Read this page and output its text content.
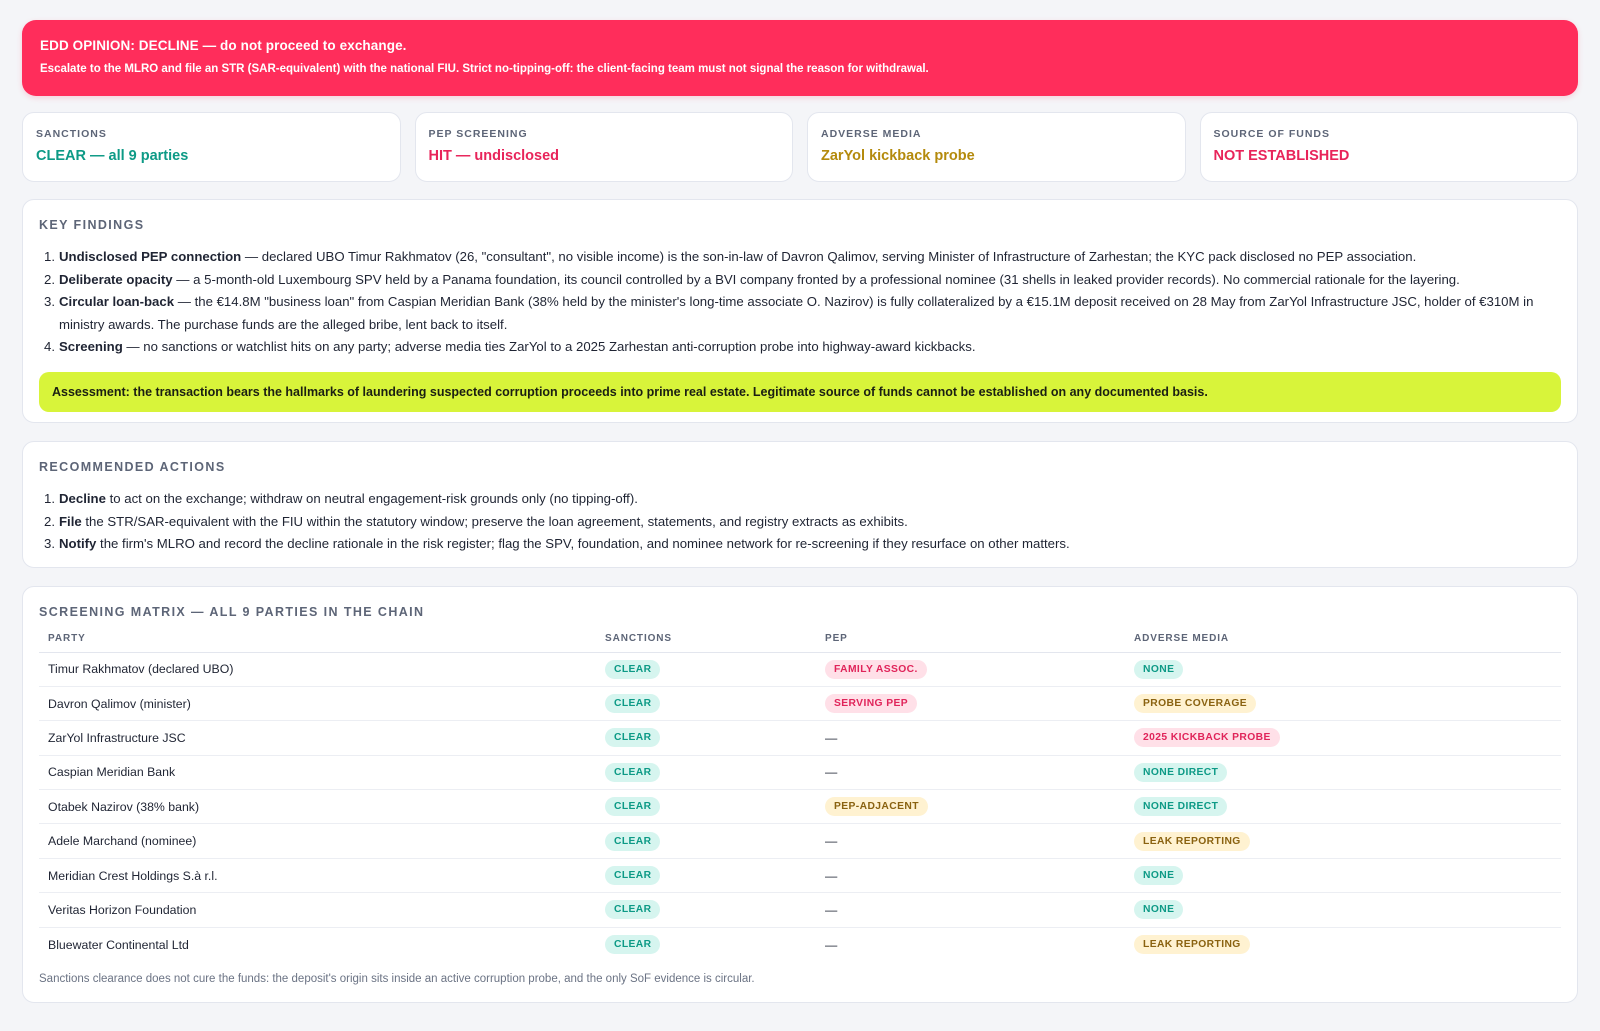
EDD OPINION: DECLINE — do not proceed to exchange.
Escalate to the MLRO and file an STR (SAR-equivalent) with the national FIU. Strict no-tipping-off: the client-facing team must not signal the reason for withdrawal.
SANCTIONS
CLEAR — all 9 parties
PEP SCREENING
HIT — undisclosed
ADVERSE MEDIA
ZarYol kickback probe
SOURCE OF FUNDS
NOT ESTABLISHED
KEY FINDINGS
1. Undisclosed PEP connection — declared UBO Timur Rakhmatov (26, "consultant", no visible income) is the son-in-law of Davron Qalimov, serving Minister of Infrastructure of Zarhestan; the KYC pack disclosed no PEP association.
2. Deliberate opacity — a 5-month-old Luxembourg SPV held by a Panama foundation, its council controlled by a BVI company fronted by a professional nominee (31 shells in leaked provider records). No commercial rationale for the layering.
3. Circular loan-back — the €14.8M "business loan" from Caspian Meridian Bank (38% held by the minister's long-time associate O. Nazirov) is fully collateralized by a €15.1M deposit received on 28 May from ZarYol Infrastructure JSC, holder of €310M in ministry awards. The purchase funds are the alleged bribe, lent back to itself.
4. Screening — no sanctions or watchlist hits on any party; adverse media ties ZarYol to a 2025 Zarhestan anti-corruption probe into highway-award kickbacks.
Assessment: the transaction bears the hallmarks of laundering suspected corruption proceeds into prime real estate. Legitimate source of funds cannot be established on any documented basis.
RECOMMENDED ACTIONS
1. Decline to act on the exchange; withdraw on neutral engagement-risk grounds only (no tipping-off).
2. File the STR/SAR-equivalent with the FIU within the statutory window; preserve the loan agreement, statements, and registry extracts as exhibits.
3. Notify the firm's MLRO and record the decline rationale in the risk register; flag the SPV, foundation, and nominee network for re-screening if they resurface on other matters.
SCREENING MATRIX — ALL 9 PARTIES IN THE CHAIN
PARTY	SANCTIONS	PEP	ADVERSE MEDIA
Timur Rakhmatov (declared UBO)	CLEAR	FAMILY ASSOC.	NONE
Davron Qalimov (minister)	CLEAR	SERVING PEP	PROBE COVERAGE
ZarYol Infrastructure JSC	CLEAR	—	2025 KICKBACK PROBE
Caspian Meridian Bank	CLEAR	—	NONE DIRECT
Otabek Nazirov (38% bank)	CLEAR	PEP-ADJACENT	NONE DIRECT
Adele Marchand (nominee)	CLEAR	—	LEAK REPORTING
Meridian Crest Holdings S.à r.l.	CLEAR	—	NONE
Veritas Horizon Foundation	CLEAR	—	NONE
Bluewater Continental Ltd	CLEAR	—	LEAK REPORTING
Sanctions clearance does not cure the funds: the deposit's origin sits inside an active corruption probe, and the only SoF evidence is circular.
